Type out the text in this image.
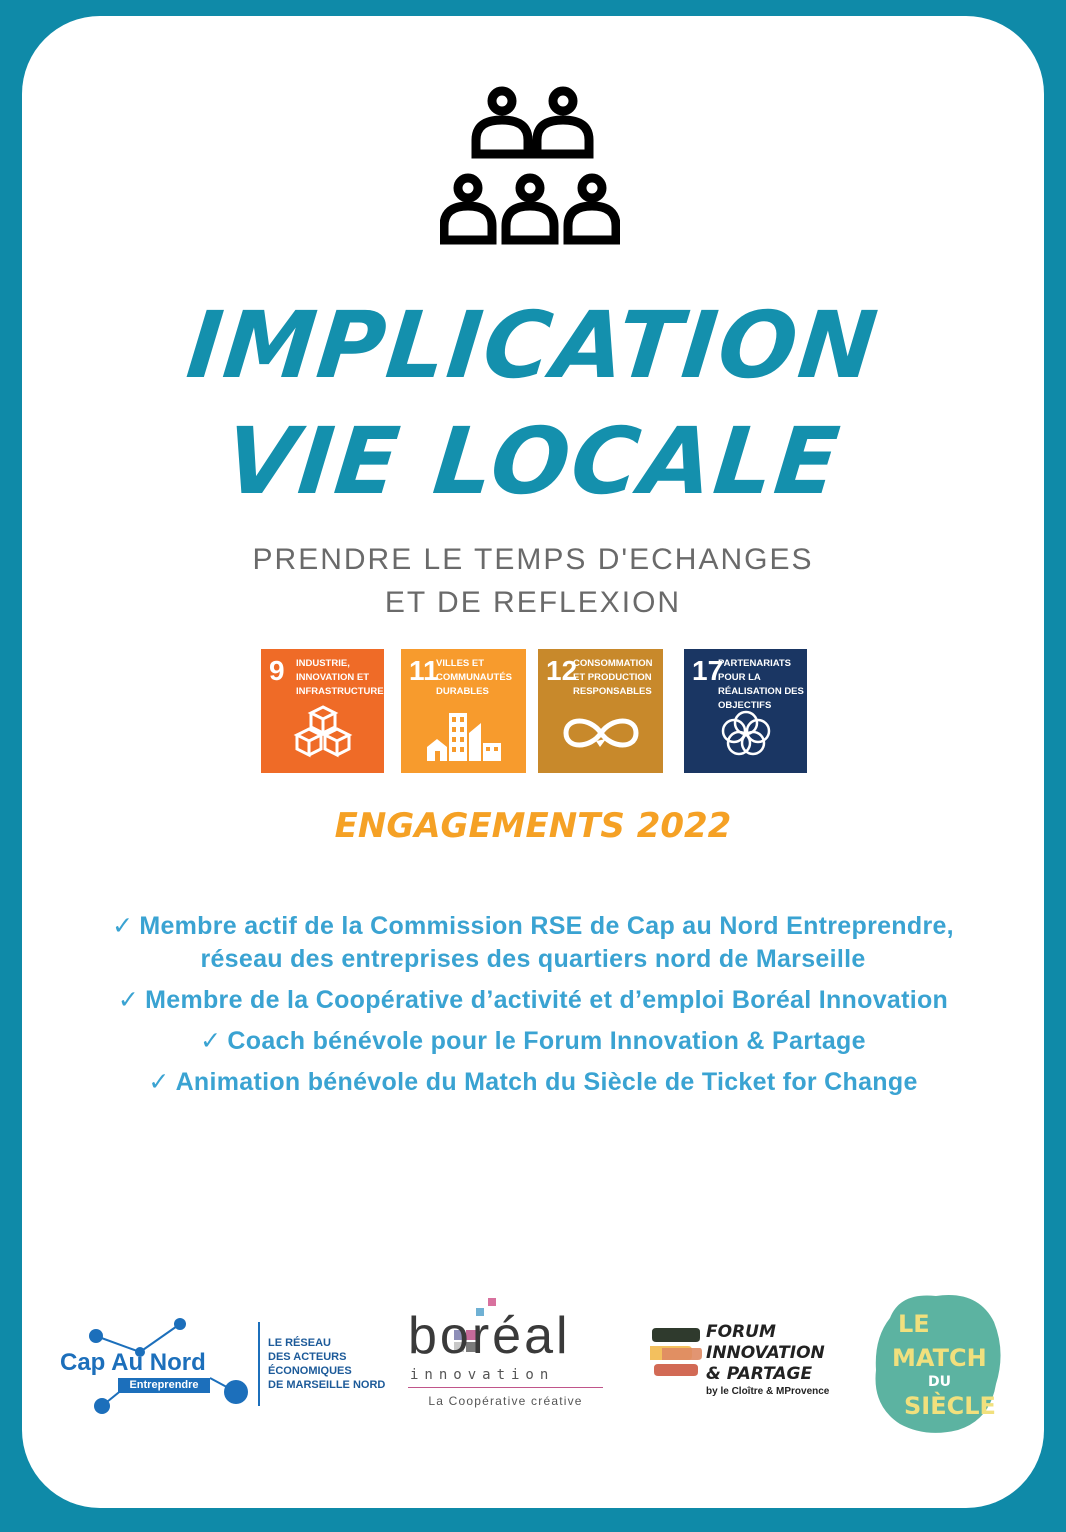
IMPLICATION
VIE LOCALE
PRENDRE LE TEMPS D'ECHANGES
ET DE REFLEXION
9 INDUSTRIE, INNOVATION ET INFRASTRUCTURE
11
VILLES ET COMMUNAUTÉS DURABLES
12
CONSOMMATION ET PRODUCTION RESPONSABLES
17
PARTENARIATS POUR LA RÉALISATION DES OBJECTIFS
ENGAGEMENTS 2022
✓ Membre actif de la Commission RSE de Cap au Nord Entreprendre, réseau des entreprises des quartiers nord de Marseille
✓ Membre de la Coopérative d’activité et d’emploi Boréal Innovation
✓ Coach bénévole pour le Forum Innovation & Partage
✓ Animation bénévole du Match du Siècle de Ticket for Change
Cap Au Nord
Entreprendre
LE RÉSEAU
DES ACTEURS
ÉCONOMIQUES
DE MARSEILLE NORD
boréal
innovation
La Coopérative créative
FORUM
INNOVATION
& PARTAGE
by le Cloître & MProvence
LE
MATCH
DU
SIÈCLE
